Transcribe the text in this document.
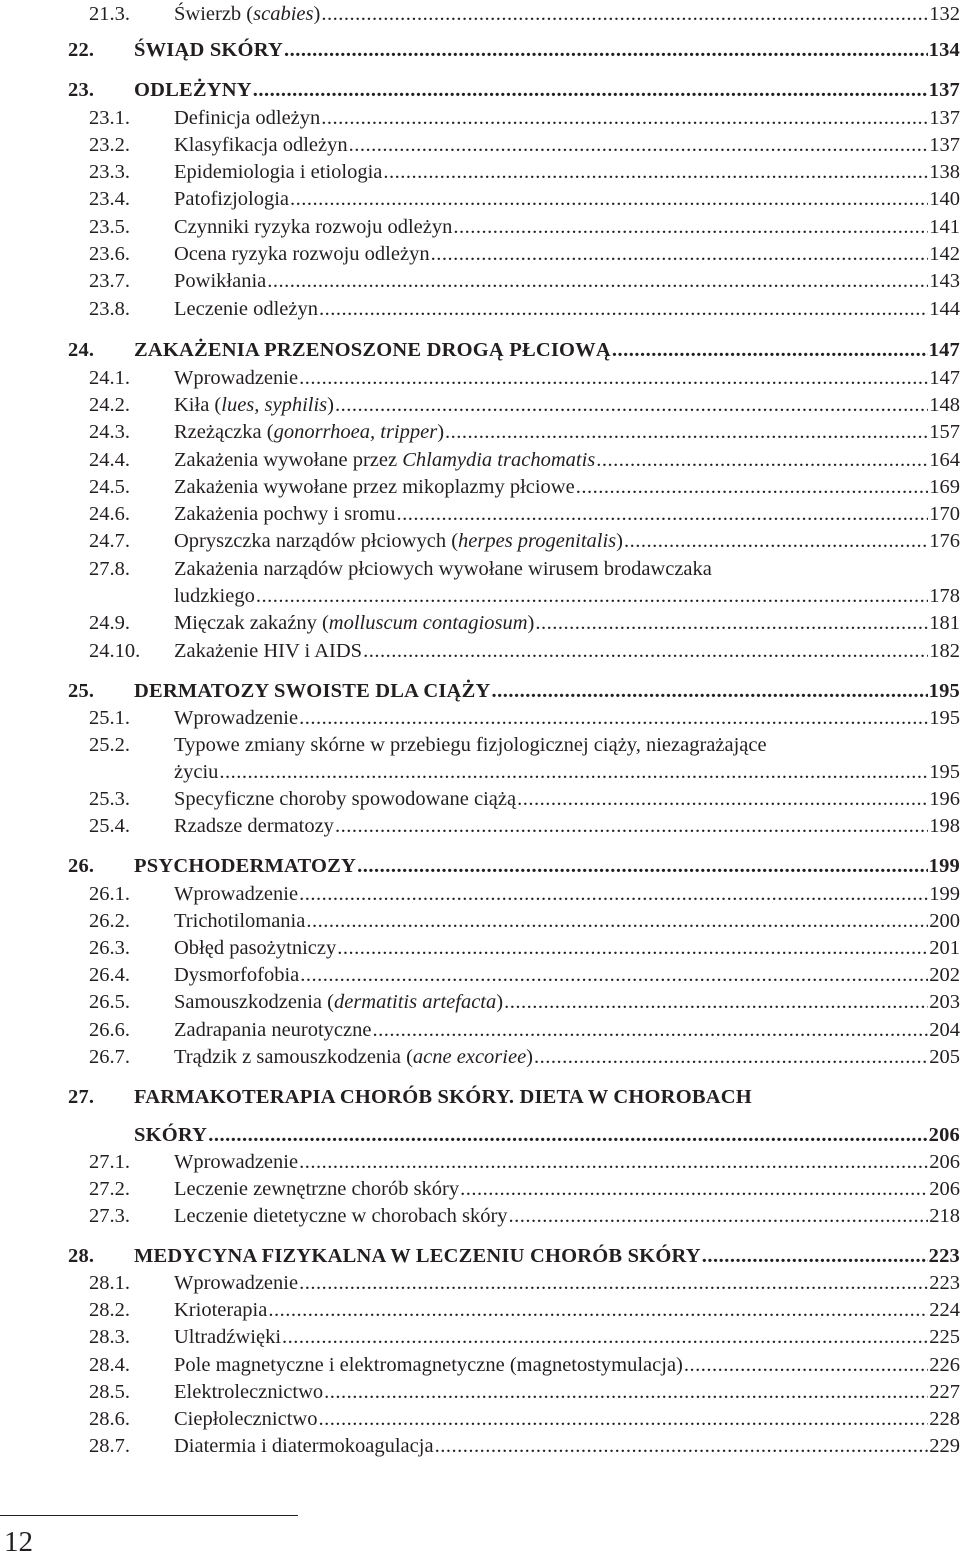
21.3. Świerzb (scabies) .....	132
22. ŚWIĄD SKÓRY .....	134
23. ODLEŻYNY .....	137
23.1. Definicja odleżyn .....	137
23.2. Klasyfikacja odleżyn .....	137
23.3. Epidemiologia i etiologia .....	138
23.4. Patofizjologia .....	140
23.5. Czynniki ryzyka rozwoju odleżyn .....	141
23.6. Ocena ryzyka rozwoju odleżyn .....	142
23.7. Powikłania .....	143
23.8. Leczenie odleżyn .....	144
24. ZAKAŻENIA PRZENOSZONE DROGĄ PŁCIOWĄ .....	147
24.1. Wprowadzenie .....	147
24.2. Kiła (lues, syphilis) .....	148
24.3. Rzeżączka (gonorrhoea, tripper) .....	157
24.4. Zakażenia wywołane przez Chlamydia trachomatis .....	164
24.5. Zakażenia wywołane przez mikoplazmy płciowe .....	169
24.6. Zakażenia pochwy i sromu .....	170
24.7. Opryszczka narządów płciowych (herpes progenitalis) .....	176
27.8. Zakażenia narządów płciowych wywołane wirusem brodawczaka
ludzkiego .....	178
24.9. Mięczak zakaźny (molluscum contagiosum) .....	181
24.10. Zakażenie HIV i AIDS .....	182
25. DERMATOZY SWOISTE DLA CIĄŻY .....	195
25.1. Wprowadzenie .....	195
25.2. Typowe zmiany skórne w przebiegu fizjologicznej ciąży, niezagrażające
życiu .....	195
25.3. Specyficzne choroby spowodowane ciążą .....	196
25.4. Rzadsze dermatozy .....	198
26. PSYCHODERMATOZY .....	199
26.1. Wprowadzenie .....	199
26.2. Trichotilomania .....	200
26.3. Obłęd pasożytniczy .....	201
26.4. Dysmorfofobia .....	202
26.5. Samouszkodzenia (dermatitis artefacta) .....	203
26.6. Zadrapania neurotyczne .....	204
26.7. Trądzik z samouszkodzenia (acne excoriee) .....	205
27. FARMAKOTERAPIA CHORÓB SKÓRY. DIETA W CHOROBACH
SKÓRY .....	206
27.1. Wprowadzenie .....	206
27.2. Leczenie zewnętrzne chorób skóry .....	206
27.3. Leczenie dietetyczne w chorobach skóry .....	218
28. MEDYCYNA FIZYKALNA W LECZENIU CHORÓB SKÓRY .....	223
28.1. Wprowadzenie .....	223
28.2. Krioterapia .....	224
28.3. Ultradźwięki .....	225
28.4. Pole magnetyczne i elektromagnetyczne (magnetostymulacja) .....	226
28.5. Elektrolecznictwo .....	227
28.6. Ciepłolecznictwo .....	228
28.7. Diatermia i diatermokoagulacja .....	229
12
